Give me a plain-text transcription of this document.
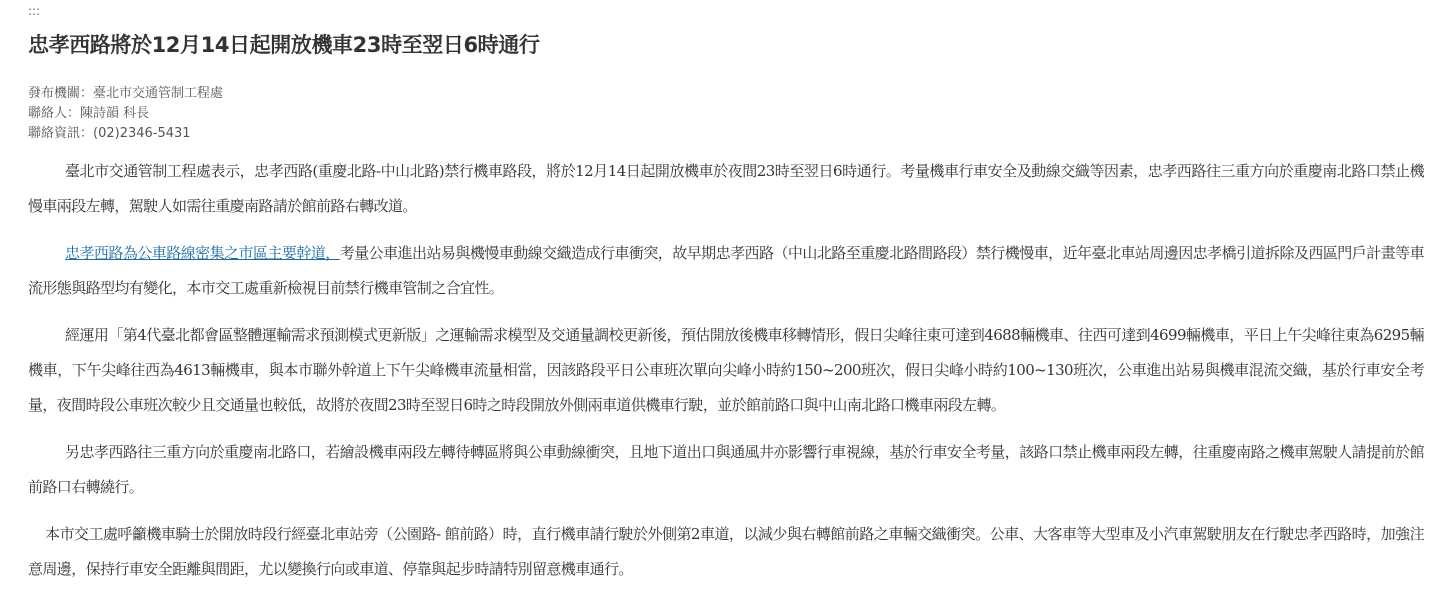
:::
忠孝西路將於12月14日起開放機車23時至翌日6時通行
發布機關：臺北市交通管制工程處
聯絡人：陳詩韻 科長
聯絡資訊：(02)2346-5431

臺北市交通管制工程處表示，忠孝西路(重慶北路-中山北路)禁行機車路段，將於12月14日起開放機車於夜間23時至翌日6時通行。考量機車行車安全及動線交織等因素，忠孝西路往三重方向於重慶南北路口禁止機慢車兩段左轉，駕駛人如需往重慶南路請於館前路右轉改道。

忠孝西路為公車路線密集之市區主要幹道，考量公車進出站易與機慢車動線交織造成行車衝突，故早期忠孝西路（中山北路至重慶北路間路段）禁行機慢車，近年臺北車站周邊因忠孝橋引道拆除及西區門戶計畫等車流形態與路型均有變化，本市交工處重新檢視目前禁行機車管制之合宜性。

經運用「第4代臺北都會區整體運輸需求預測模式更新版」之運輸需求模型及交通量調校更新後，預估開放後機車移轉情形，假日尖峰往東可達到4688輛機車、往西可達到4699輛機車，平日上午尖峰往東為6295輛機車，下午尖峰往西為4613輛機車，與本市聯外幹道上下午尖峰機車流量相當，因該路段平日公車班次單向尖峰小時約150~200班次，假日尖峰小時約100~130班次，公車進出站易與機車混流交織，基於行車安全考量，夜間時段公車班次較少且交通量也較低，故將於夜間23時至翌日6時之時段開放外側兩車道供機車行駛，並於館前路口與中山南北路口機車兩段左轉。

另忠孝西路往三重方向於重慶南北路口，若繪設機車兩段左轉待轉區將與公車動線衝突，且地下道出口與通風井亦影響行車視線，基於行車安全考量，該路口禁止機車兩段左轉，往重慶南路之機車駕駛人請提前於館前路口右轉繞行。

本市交工處呼籲機車騎士於開放時段行經臺北車站旁（公園路- 館前路）時，直行機車請行駛於外側第2車道，以減少與右轉館前路之車輛交織衝突。公車、大客車等大型車及小汽車駕駛朋友在行駛忠孝西路時，加強注意周邊，保持行車安全距離與間距，尤以變換行向或車道、停靠與起步時請特別留意機車通行。
